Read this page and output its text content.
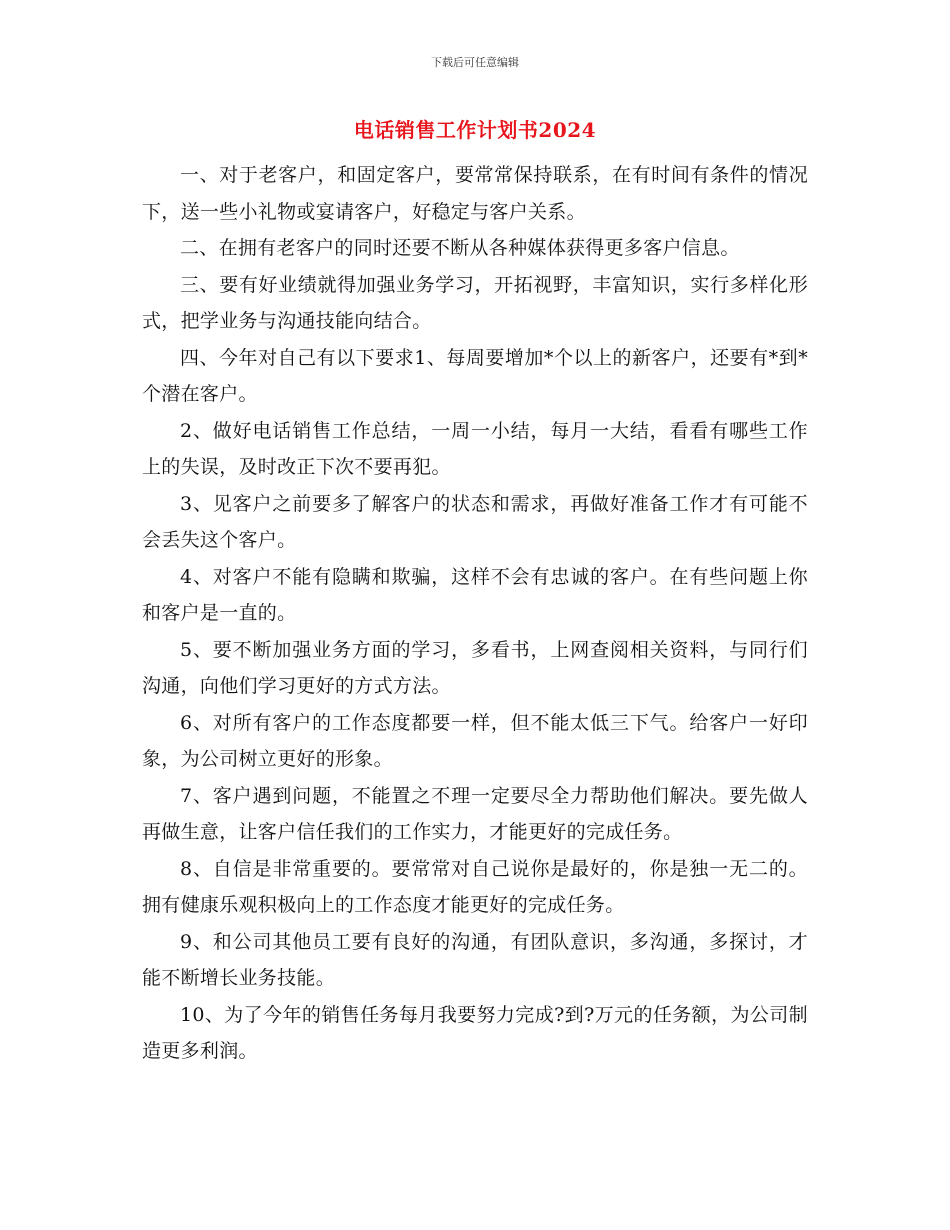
下载后可任意编辑
电话销售工作计划书2024

一、对于老客户，和固定客户，要常常保持联系，在有时间有条件的情况下，送一些小礼物或宴请客户，好稳定与客户关系。

二、在拥有老客户的同时还要不断从各种媒体获得更多客户信息。

三、要有好业绩就得加强业务学习，开拓视野，丰富知识，实行多样化形式，把学业务与沟通技能向结合。

四、今年对自己有以下要求1、每周要增加*个以上的新客户，还要有*到*个潜在客户。

2、做好电话销售工作总结，一周一小结，每月一大结，看看有哪些工作上的失误，及时改正下次不要再犯。

3、见客户之前要多了解客户的状态和需求，再做好准备工作才有可能不会丢失这个客户。

4、对客户不能有隐瞒和欺骗，这样不会有忠诚的客户。在有些问题上你和客户是一直的。

5、要不断加强业务方面的学习，多看书，上网查阅相关资料，与同行们沟通，向他们学习更好的方式方法。

6、对所有客户的工作态度都要一样，但不能太低三下气。给客户一好印象，为公司树立更好的形象。

7、客户遇到问题，不能置之不理一定要尽全力帮助他们解决。要先做人再做生意，让客户信任我们的工作实力，才能更好的完成任务。

8、自信是非常重要的。要常常对自己说你是最好的，你是独一无二的。拥有健康乐观积极向上的工作态度才能更好的完成任务。

9、和公司其他员工要有良好的沟通，有团队意识，多沟通，多探讨，才能不断增长业务技能。

10、为了今年的销售任务每月我要努力完成?到?万元的任务额，为公司制造更多利润。
